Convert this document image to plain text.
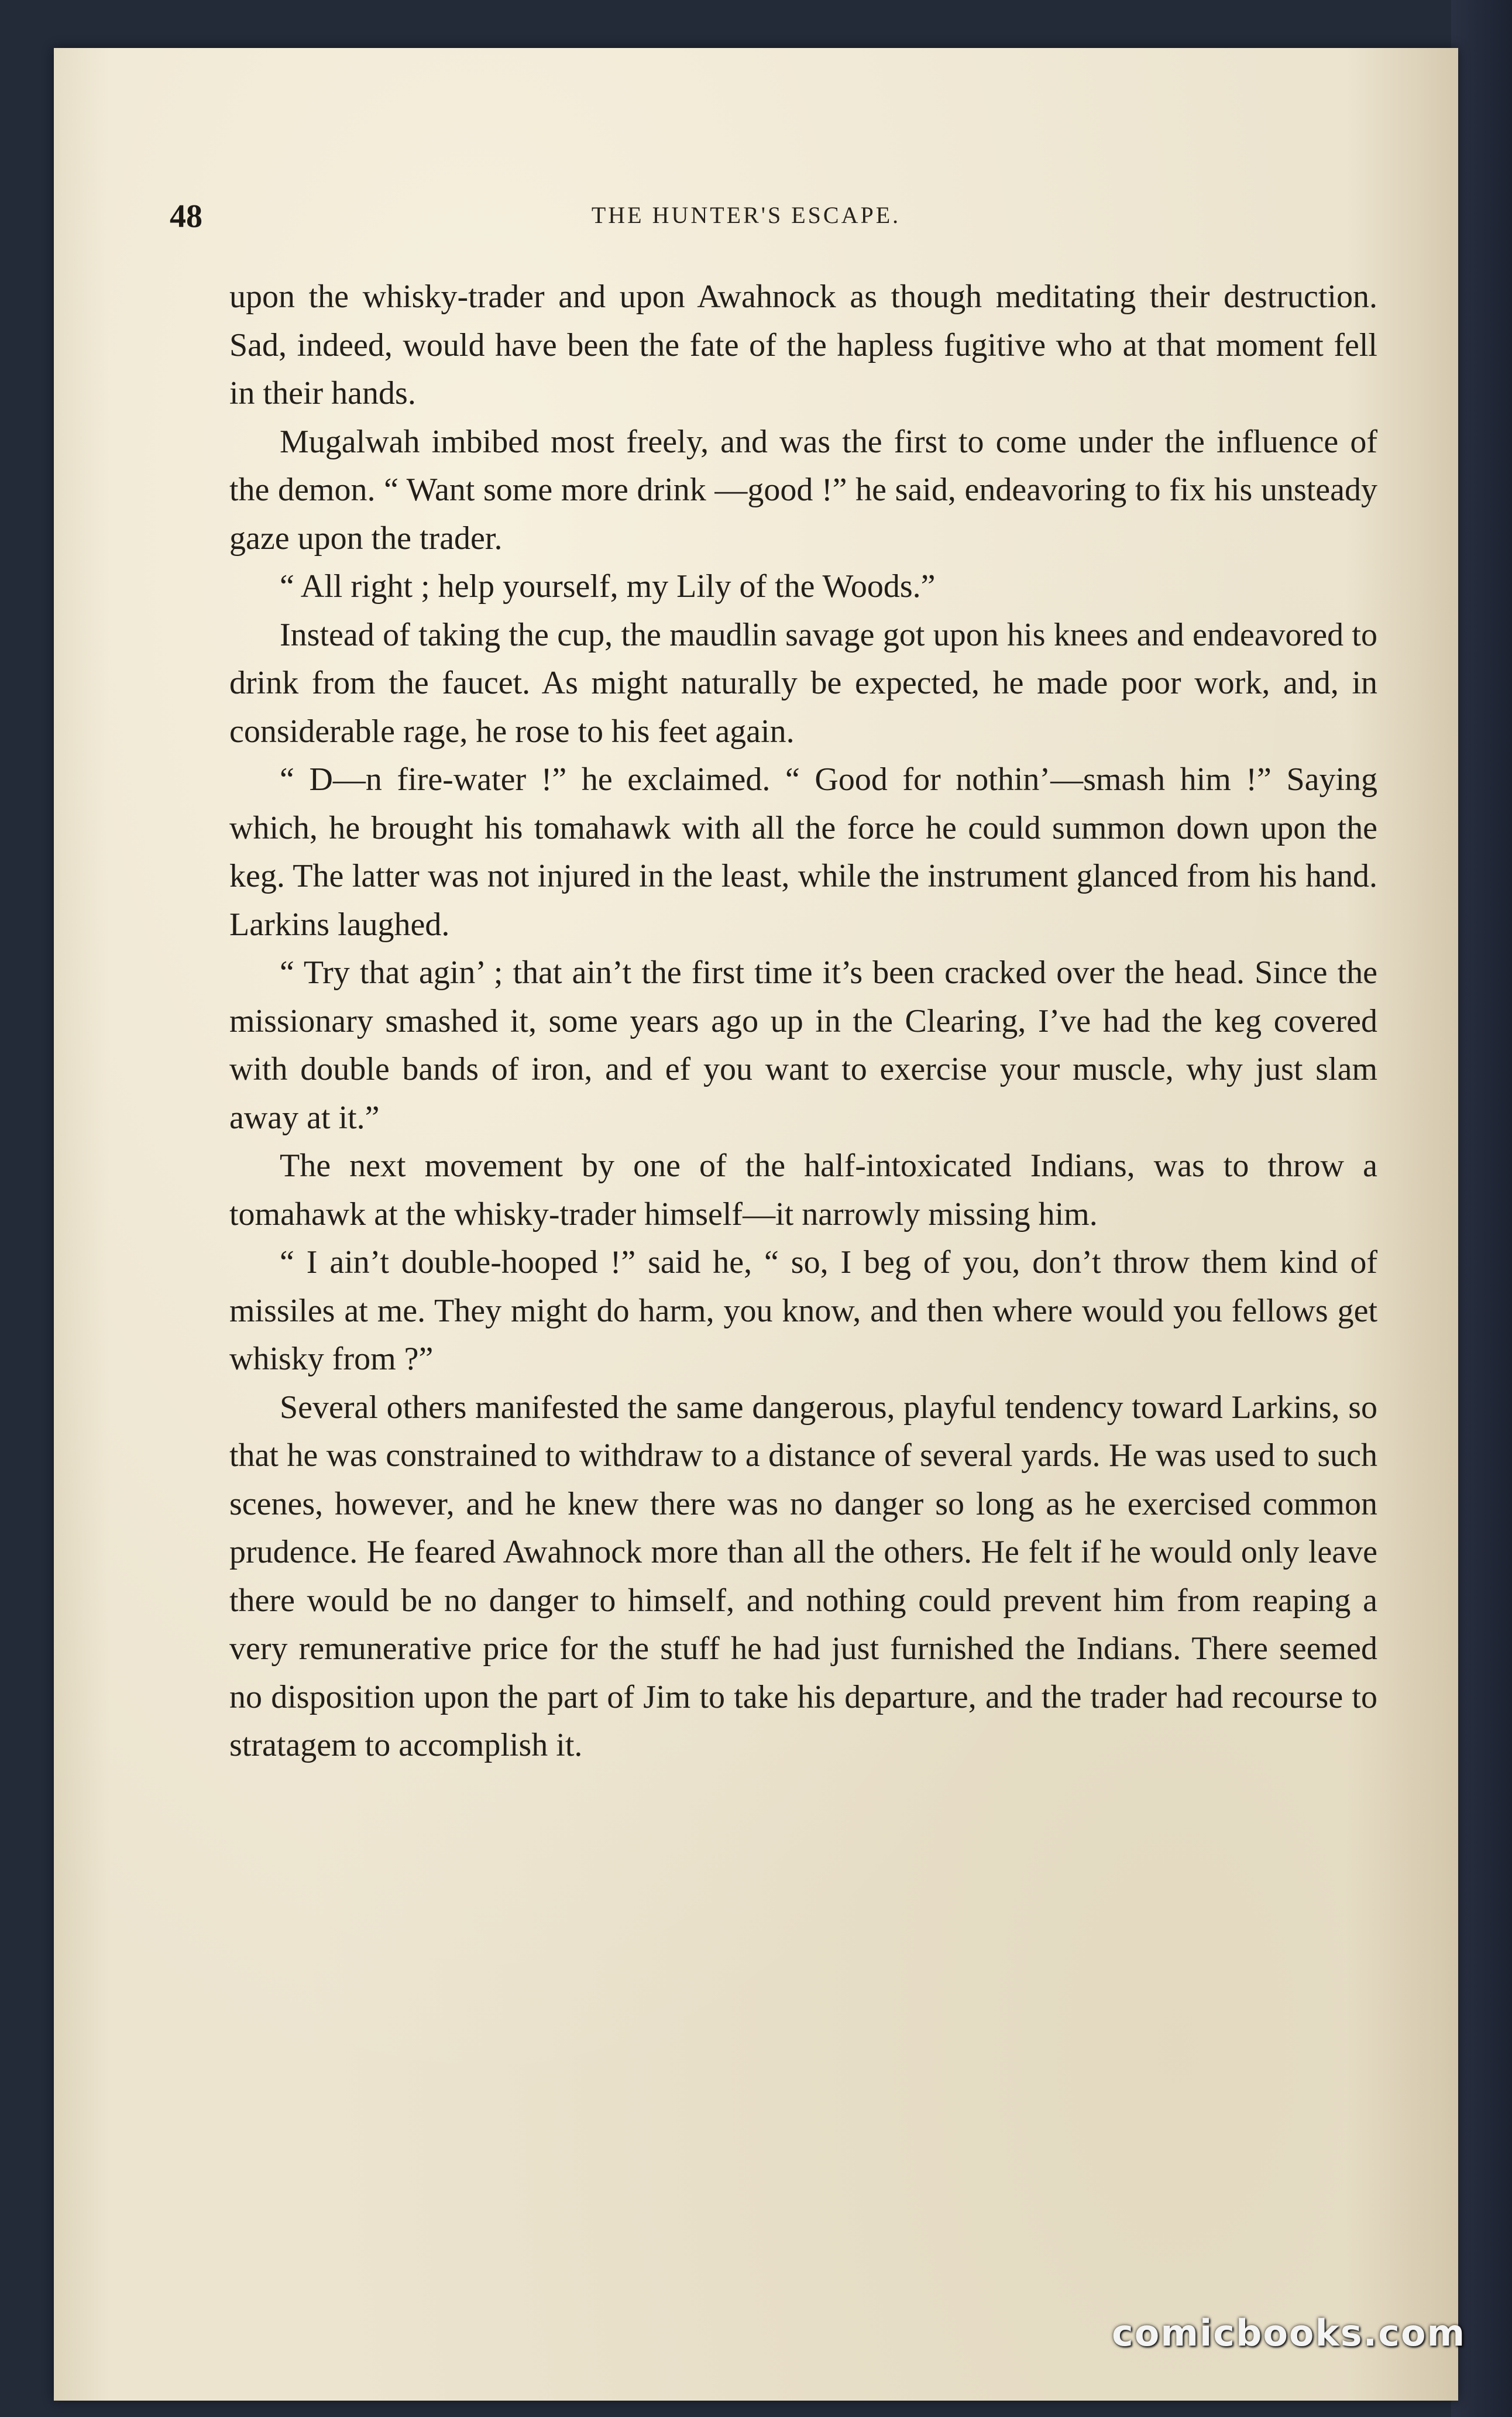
48	THE HUNTER'S ESCAPE.

upon the whisky-trader and upon Awahnock as though meditating their destruction. Sad, indeed, would have been the fate of the hapless fugitive who at that moment fell in their hands.

Mugalwah imbibed most freely, and was the first to come under the influence of the demon. “ Want some more drink —good !” he said, endeavoring to fix his unsteady gaze upon the trader.

“ All right ; help yourself, my Lily of the Woods.”

Instead of taking the cup, the maudlin savage got upon his knees and endeavored to drink from the faucet. As might naturally be expected, he made poor work, and, in considerable rage, he rose to his feet again.

“ D—n fire-water !” he exclaimed. “ Good for nothin’—smash him !” Saying which, he brought his tomahawk with all the force he could summon down upon the keg. The latter was not injured in the least, while the instrument glanced from his hand. Larkins laughed.

“ Try that agin’ ; that ain’t the first time it’s been cracked over the head. Since the missionary smashed it, some years ago up in the Clearing, I’ve had the keg covered with double bands of iron, and ef you want to exercise your muscle, why just slam away at it.”

The next movement by one of the half-intoxicated Indians, was to throw a tomahawk at the whisky-trader himself—it narrowly missing him.

“ I ain’t double-hooped !” said he, “ so, I beg of you, don’t throw them kind of missiles at me. They might do harm, you know, and then where would you fellows get whisky from ?”

Several others manifested the same dangerous, playful tendency toward Larkins, so that he was constrained to withdraw to a distance of several yards. He was used to such scenes, however, and he knew there was no danger so long as he exercised common prudence. He feared Awahnock more than all the others. He felt if he would only leave there would be no danger to himself, and nothing could prevent him from reaping a very remunerative price for the stuff he had just furnished the Indians. There seemed no disposition upon the part of Jim to take his departure, and the trader had recourse to stratagem to accomplish it.

comicbooks.com
